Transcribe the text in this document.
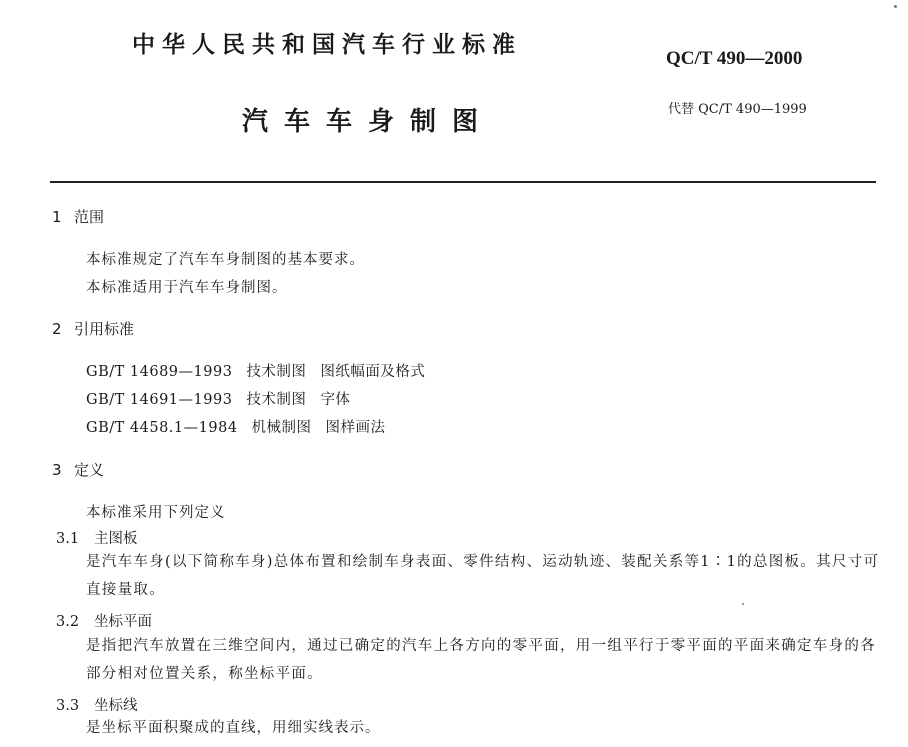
中华人民共和国汽车行业标准

QC/T 490—2000

汽车车身制图	代替 QC/T 490—1999

1 范围

本标准规定了汽车车身制图的基本要求。

本标准适用于汽车车身制图。

2 引用标准

GB/T 14689—1993 技术制图 图纸幅面及格式

GB/T 14691—1993 技术制图 字体

GB/T 4458.1—1984 机械制图 图样画法

3 定义

本标准采用下列定义

3.1 主图板

是汽车车身(以下简称车身)总体布置和绘制车身表面、零件结构、运动轨迹、装配关系等1∶1的总图板。其尺寸可直接量取。

3.2 坐标平面

是指把汽车放置在三维空间内，通过已确定的汽车上各方向的零平面，用一组平行于零平面的平面来确定车身的各部分相对位置关系，称坐标平面。

3.3 坐标线

是坐标平面积聚成的直线，用细实线表示。
